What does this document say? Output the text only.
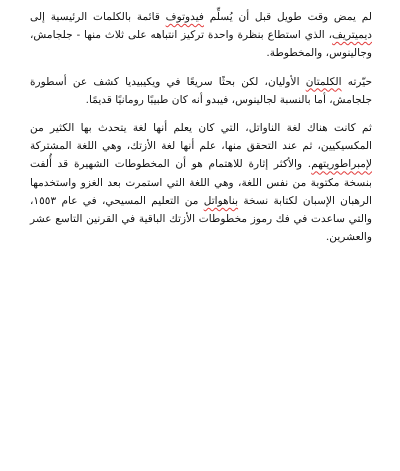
لم يمض وقت طويل قبل أن يُسلِّم فيدوتوف قائمة بالكلمات الرئيسية إلى ديميتريف، الذي استطاع بنظرة واحدة تركيز انتباهه على ثلاث منها - جلجامش، وجالينوس، والمخطوطة.

حيّرته الكلمتان الأوليان، لكن بحثًا سريعًا في ويكيبيديا كشف عن أسطورة جلجامش، أما بالنسبة لجالينوس، فيبدو أنه كان طبيبًا رومانيًا قديمًا.

ثم كانت هناك لغة الناواتل، التي كان يعلم أنها لغة يتحدث بها الكثير من المكسيكيين، ثم عند التحقق منها، علم أنها لغة الأزتك، وهي اللغة المشتركة لإمبراطوريتهم. والأكثر إثارة للاهتمام هو أن المخطوطات الشهيرة قد أُلفت بنسخة مكتوبة من نفس اللغة، وهي اللغة التي استمرت بعد الغزو واستخدمها الرهبان الإسبان لكتابة نسخة بناهواتل من التعليم المسيحي، في عام ١٥٥٣، والتي ساعدت في فك رموز مخطوطات الأزتك الباقية في القرنين التاسع عشر والعشرين.
